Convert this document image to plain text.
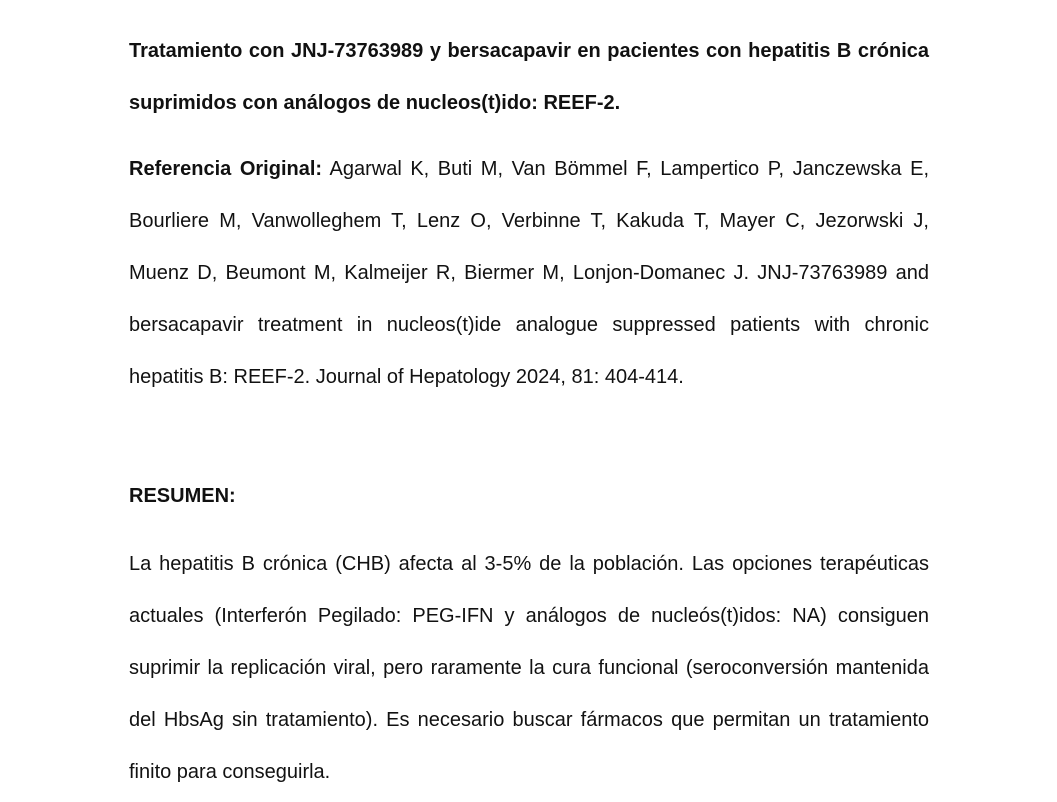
Tratamiento con JNJ-73763989 y bersacapavir en pacientes con hepatitis B crónica suprimidos con análogos de nucleos(t)ido: REEF-2.

Referencia Original: Agarwal K, Buti M, Van Bömmel F, Lampertico P, Janczewska E, Bourliere M, Vanwolleghem T, Lenz O, Verbinne T, Kakuda T, Mayer C, Jezorwski J, Muenz D, Beumont M, Kalmeijer R, Biermer M, Lonjon-Domanec J. JNJ-73763989 and bersacapavir treatment in nucleos(t)ide analogue suppressed patients with chronic hepatitis B: REEF-2. Journal of Hepatology 2024, 81: 404-414.

RESUMEN:

La hepatitis B crónica (CHB) afecta al 3-5% de la población. Las opciones terapéuticas actuales (Interferón Pegilado: PEG-IFN y análogos de nucleós(t)idos: NA) consiguen suprimir la replicación viral, pero raramente la cura funcional (seroconversión mantenida del HbsAg sin tratamiento). Es necesario buscar fármacos que permitan un tratamiento finito para conseguirla.
